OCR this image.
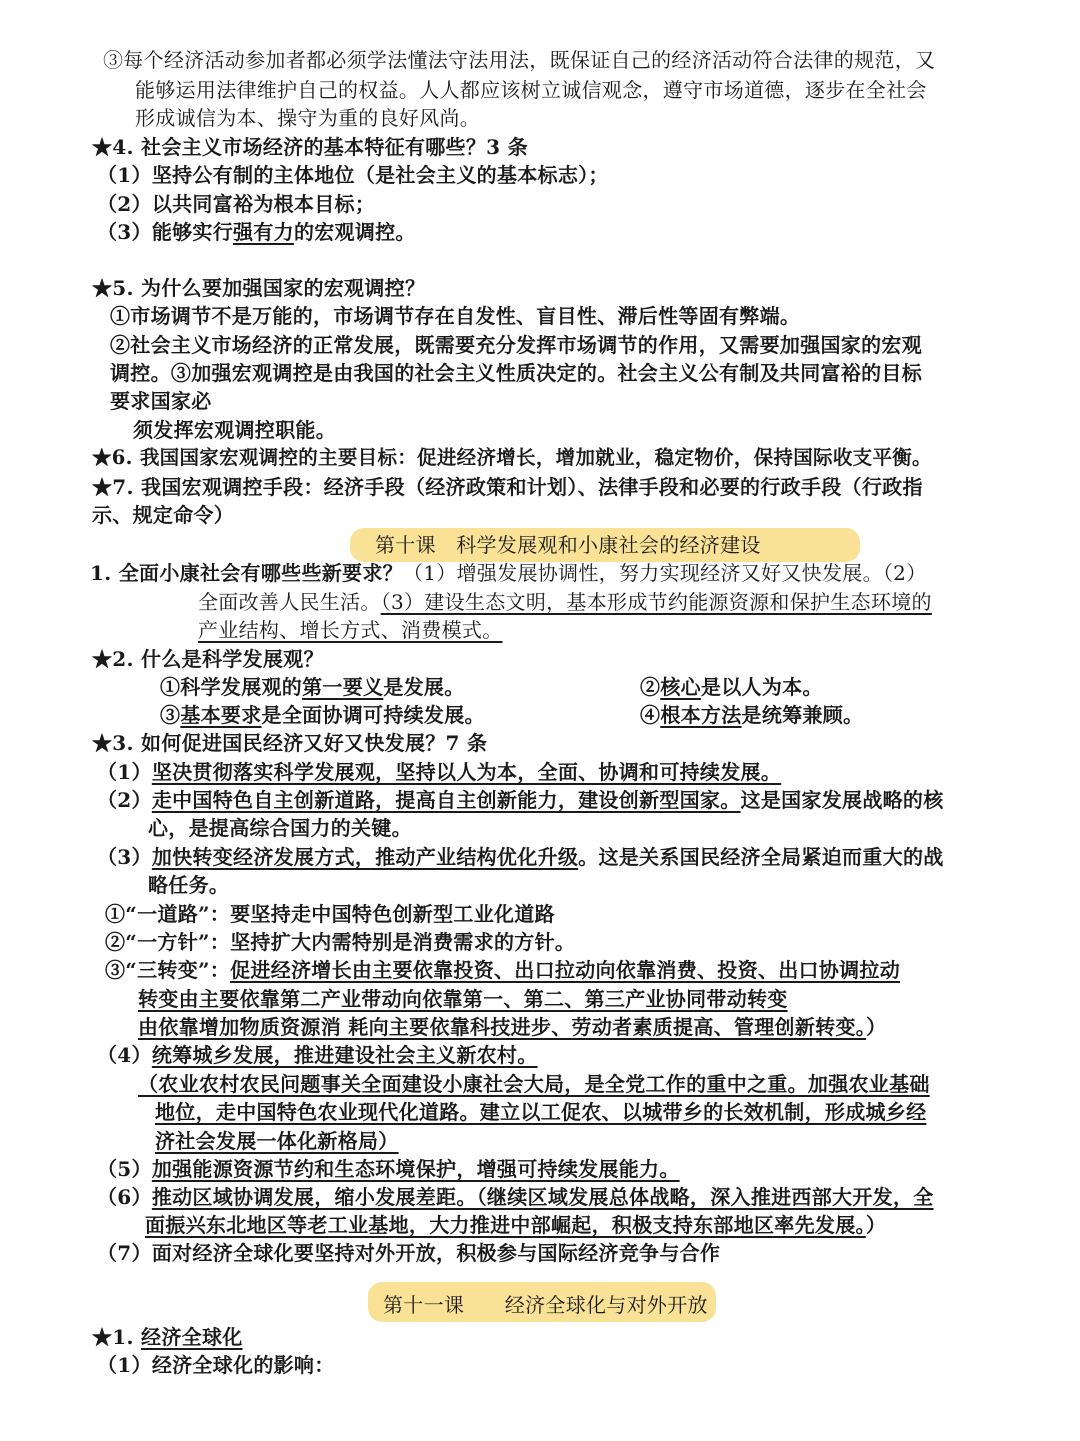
③每个经济活动参加者都必须学法懂法守法用法，既保证自己的经济活动符合法律的规范，又
能够运用法律维护自己的权益。人人都应该树立诚信观念，遵守市场道德，逐步在全社会
形成诚信为本、操守为重的良好风尚。
★4. 社会主义市场经济的基本特征有哪些？3 条
（1）坚持公有制的主体地位（是社会主义的基本标志）；
（2）以共同富裕为根本目标；
（3）能够实行强有力的宏观调控。
★5. 为什么要加强国家的宏观调控？
①市场调节不是万能的，市场调节存在自发性、盲目性、滞后性等固有弊端。
②社会主义市场经济的正常发展，既需要充分发挥市场调节的作用，又需要加强国家的宏观
调控。③加强宏观调控是由我国的社会主义性质决定的。社会主义公有制及共同富裕的目标
要求国家必
须发挥宏观调控职能。
★6. 我国国家宏观调控的主要目标：促进经济增长，增加就业，稳定物价，保持国际收支平衡。
★7. 我国宏观调控手段：经济手段（经济政策和计划）、法律手段和必要的行政手段（行政指
示、规定命令）
第十课　科学发展观和小康社会的经济建设
1. 全面小康社会有哪些些新要求？（1）增强发展协调性，努力实现经济又好又快发展。（2）
全面改善人民生活。（3）建设生态文明，基本形成节约能源资源和保护生态环境的
产业结构、增长方式、消费模式。
★2. 什么是科学发展观？
①科学发展观的第一要义是发展。	②核心是以人为本。
③基本要求是全面协调可持续发展。	④根本方法是统筹兼顾。
★3. 如何促进国民经济又好又快发展？7 条
（1）坚决贯彻落实科学发展观，坚持以人为本，全面、协调和可持续发展。
（2）走中国特色自主创新道路，提高自主创新能力，建设创新型国家。这是国家发展战略的核
心，是提高综合国力的关键。
（3）加快转变经济发展方式，推动产业结构优化升级。这是关系国民经济全局紧迫而重大的战
略任务。
①“一道路”：要坚持走中国特色创新型工业化道路
②“一方针”：坚持扩大内需特别是消费需求的方针。
③“三转变”：促进经济增长由主要依靠投资、出口拉动向依靠消费、投资、出口协调拉动
转变由主要依靠第二产业带动向依靠第一、第二、第三产业协同带动转变
由依靠增加物质资源消 耗向主要依靠科技进步、劳动者素质提高、管理创新转变。）
（4）统筹城乡发展，推进建设社会主义新农村。
（农业农村农民问题事关全面建设小康社会大局，是全党工作的重中之重。加强农业基础
地位，走中国特色农业现代化道路。建立以工促农、以城带乡的长效机制，形成城乡经
济社会发展一体化新格局）
（5）加强能源资源节约和生态环境保护，增强可持续发展能力。
（6）推动区域协调发展，缩小发展差距。（继续区域发展总体战略，深入推进西部大开发，全
面振兴东北地区等老工业基地，大力推进中部崛起，积极支持东部地区率先发展。）
（7）面对经济全球化要坚持对外开放，积极参与国际经济竞争与合作
第十一课　　经济全球化与对外开放
★1. 经济全球化
（1）经济全球化的影响：
